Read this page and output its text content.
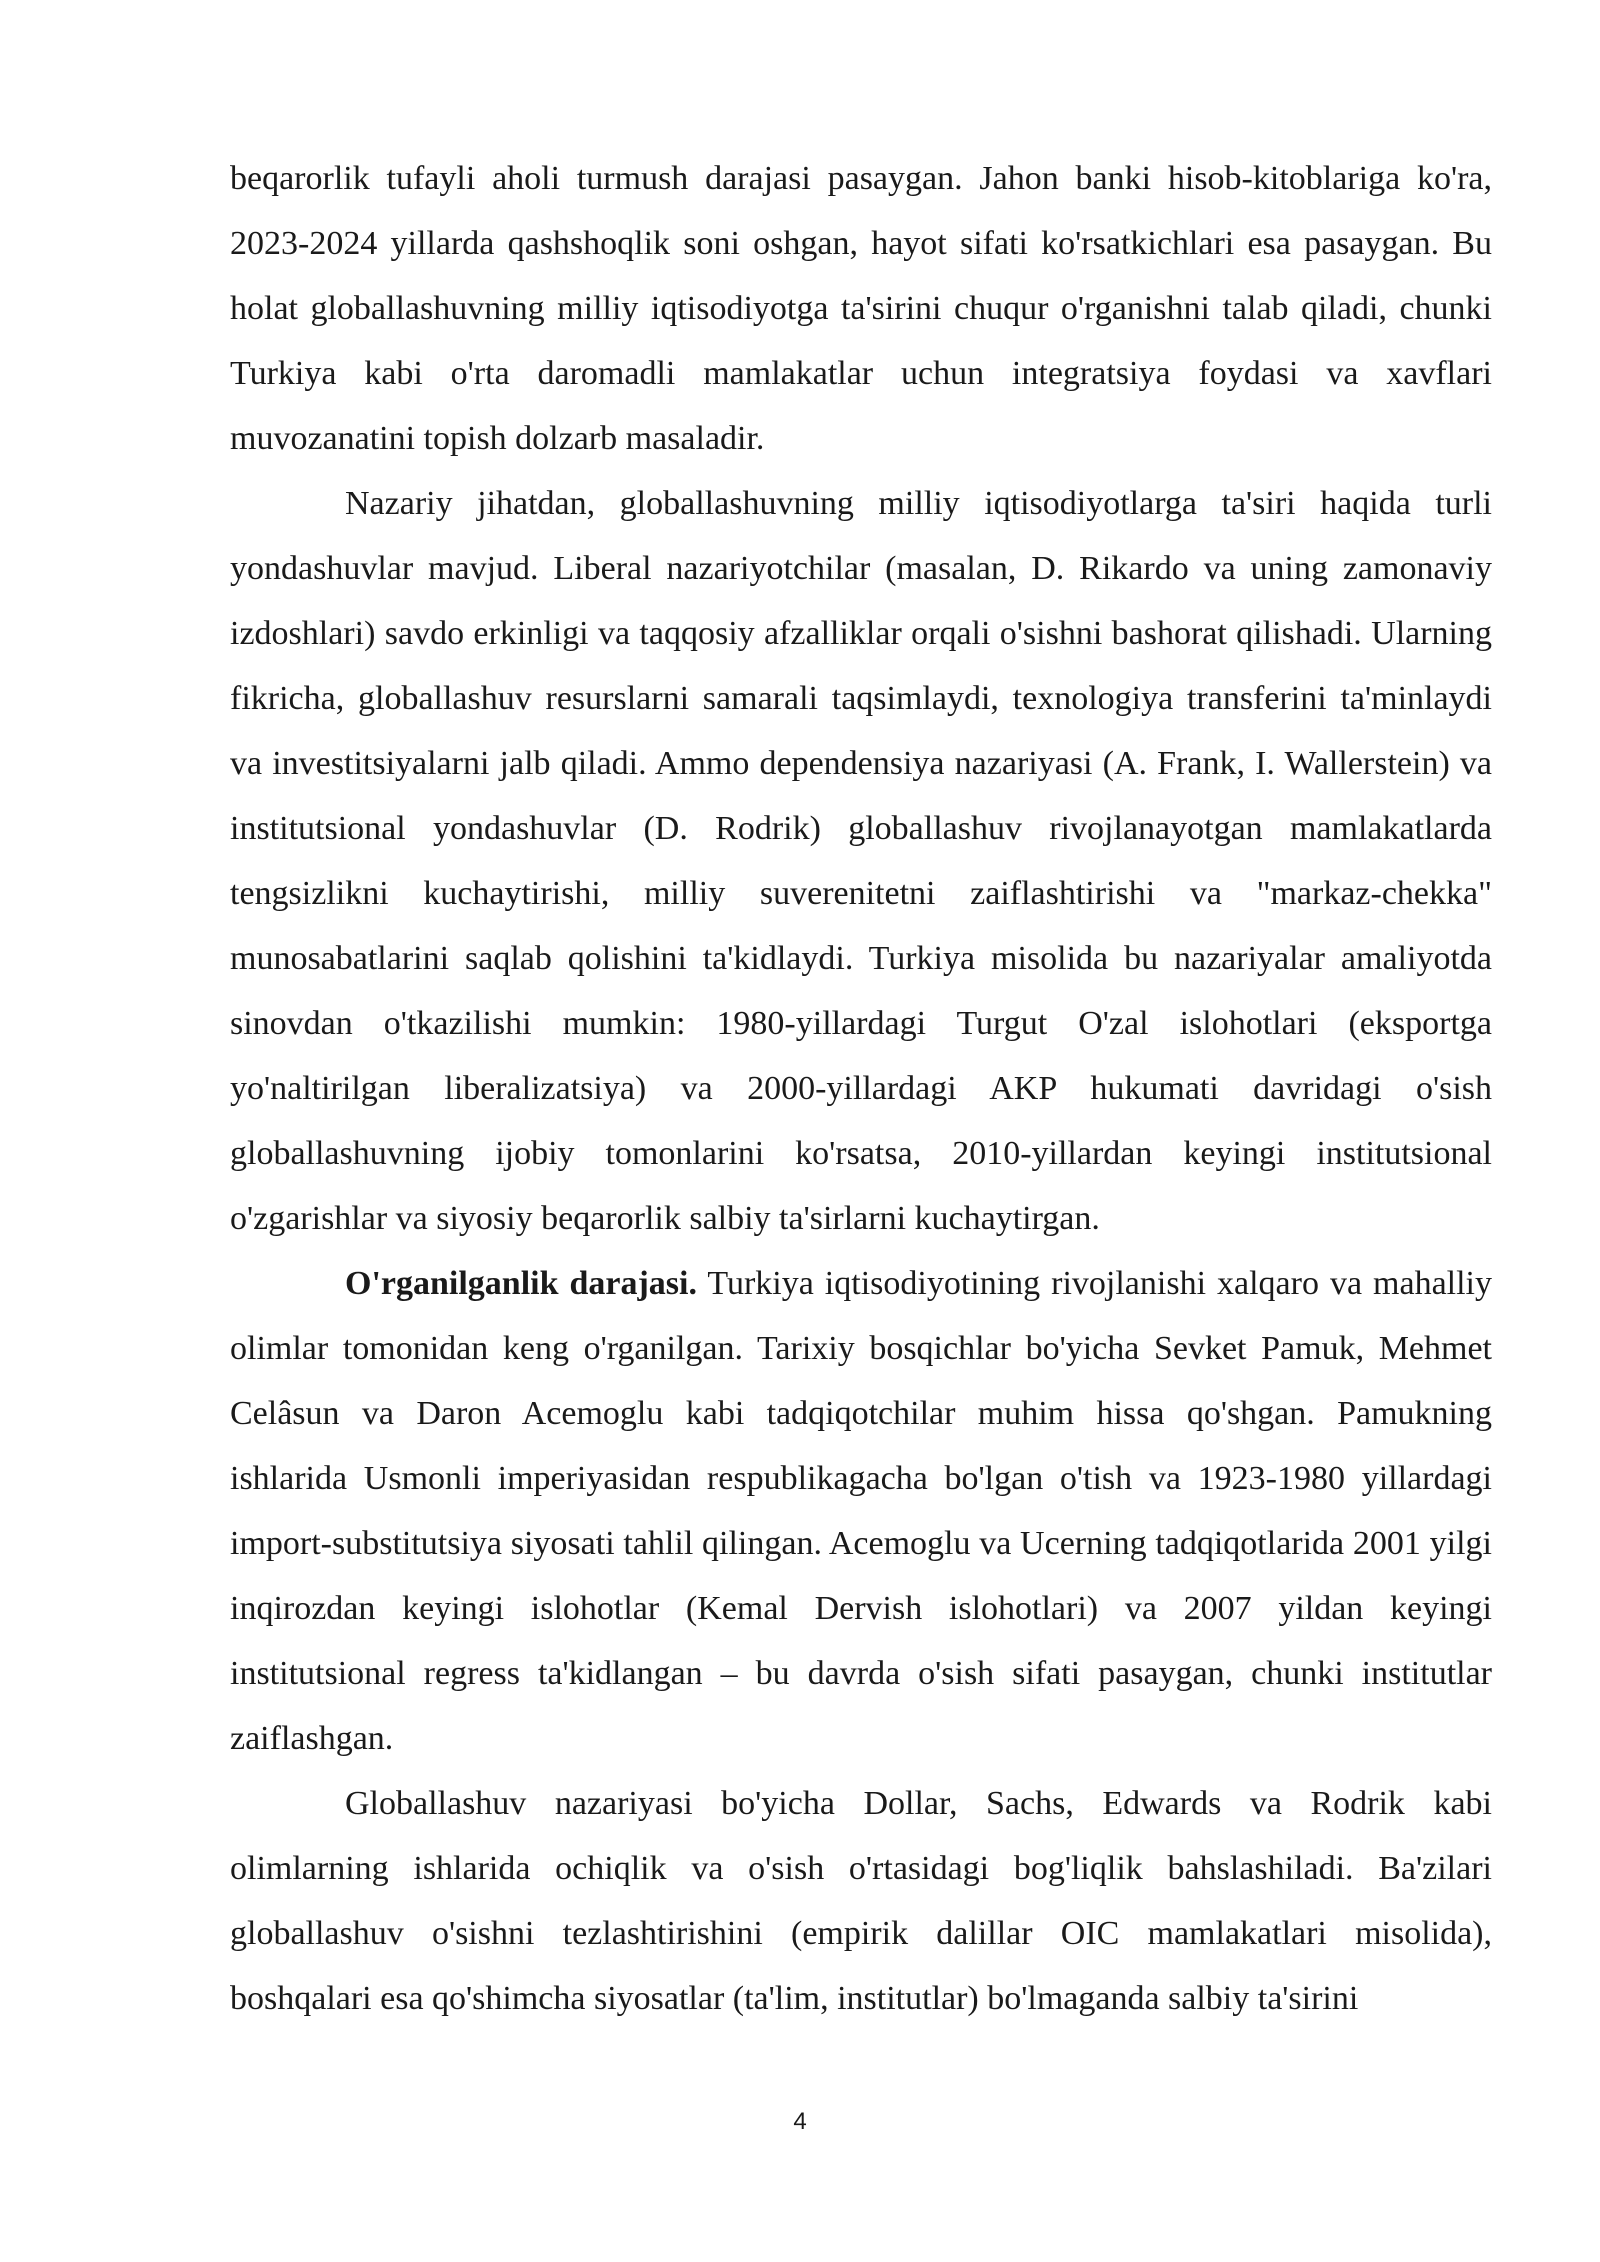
beqarorlik tufayli aholi turmush darajasi pasaygan. Jahon banki hisob-kitoblariga ko'ra, 2023-2024 yillarda qashshoqlik soni oshgan, hayot sifati ko'rsatkichlari esa pasaygan. Bu holat globallashuvning milliy iqtisodiyotga ta'sirini chuqur o'rganishni talab qiladi, chunki Turkiya kabi o'rta daromadli mamlakatlar uchun integratsiya foydasi va xavflari muvozanatini topish dolzarb masaladir.

Nazariy jihatdan, globallashuvning milliy iqtisodiyotlarga ta'siri haqida turli yondashuvlar mavjud. Liberal nazariyotchilar (masalan, D. Rikardo va uning zamonaviy izdoshlari) savdo erkinligi va taqqosiy afzalliklar orqali o'sishni bashorat qilishadi. Ularning fikricha, globallashuv resurslarni samarali taqsimlaydi, texnologiya transferini ta'minlaydi va investitsiyalarni jalb qiladi. Ammo dependensiya nazariyasi (A. Frank, I. Wallerstein) va institutsional yondashuvlar (D. Rodrik) globallashuv rivojlanayotgan mamlakatlarda tengsizlikni kuchaytirishi, milliy suverenitetni zaiflashtirishi va "markaz-chekka" munosabatlarini saqlab qolishini ta'kidlaydi. Turkiya misolida bu nazariyalar amaliyotda sinovdan o'tkazilishi mumkin: 1980-yillardagi Turgut O'zal islohotlari (eksportga yo'naltirilgan liberalizatsiya) va 2000-yillardagi AKP hukumati davridagi o'sish globallashuvning ijobiy tomonlarini ko'rsatsa, 2010-yillardan keyingi institutsional o'zgarishlar va siyosiy beqarorlik salbiy ta'sirlarni kuchaytirgan.

O'rganilganlik darajasi. Turkiya iqtisodiyotining rivojlanishi xalqaro va mahalliy olimlar tomonidan keng o'rganilgan. Tarixiy bosqichlar bo'yicha Sevket Pamuk, Mehmet Celâsun va Daron Acemoglu kabi tadqiqotchilar muhim hissa qo'shgan. Pamukning ishlarida Usmonli imperiyasidan respublikagacha bo'lgan o'tish va 1923-1980 yillardagi import-substitutsiya siyosati tahlil qilingan. Acemoglu va Ucerning tadqiqotlarida 2001 yilgi inqirozdan keyingi islohotlar (Kemal Dervish islohotlari) va 2007 yildan keyingi institutsional regress ta'kidlangan – bu davrda o'sish sifati pasaygan, chunki institutlar zaiflashgan.

Globallashuv nazariyasi bo'yicha Dollar, Sachs, Edwards va Rodrik kabi olimlarning ishlarida ochiqlik va o'sish o'rtasidagi bog'liqlik bahslashiladi. Ba'zilari globallashuv o'sishni tezlashtirishini (empirik dalillar OIC mamlakatlari misolida), boshqalari esa qo'shimcha siyosatlar (ta'lim, institutlar) bo'lmaganda salbiy ta'sirini

4
